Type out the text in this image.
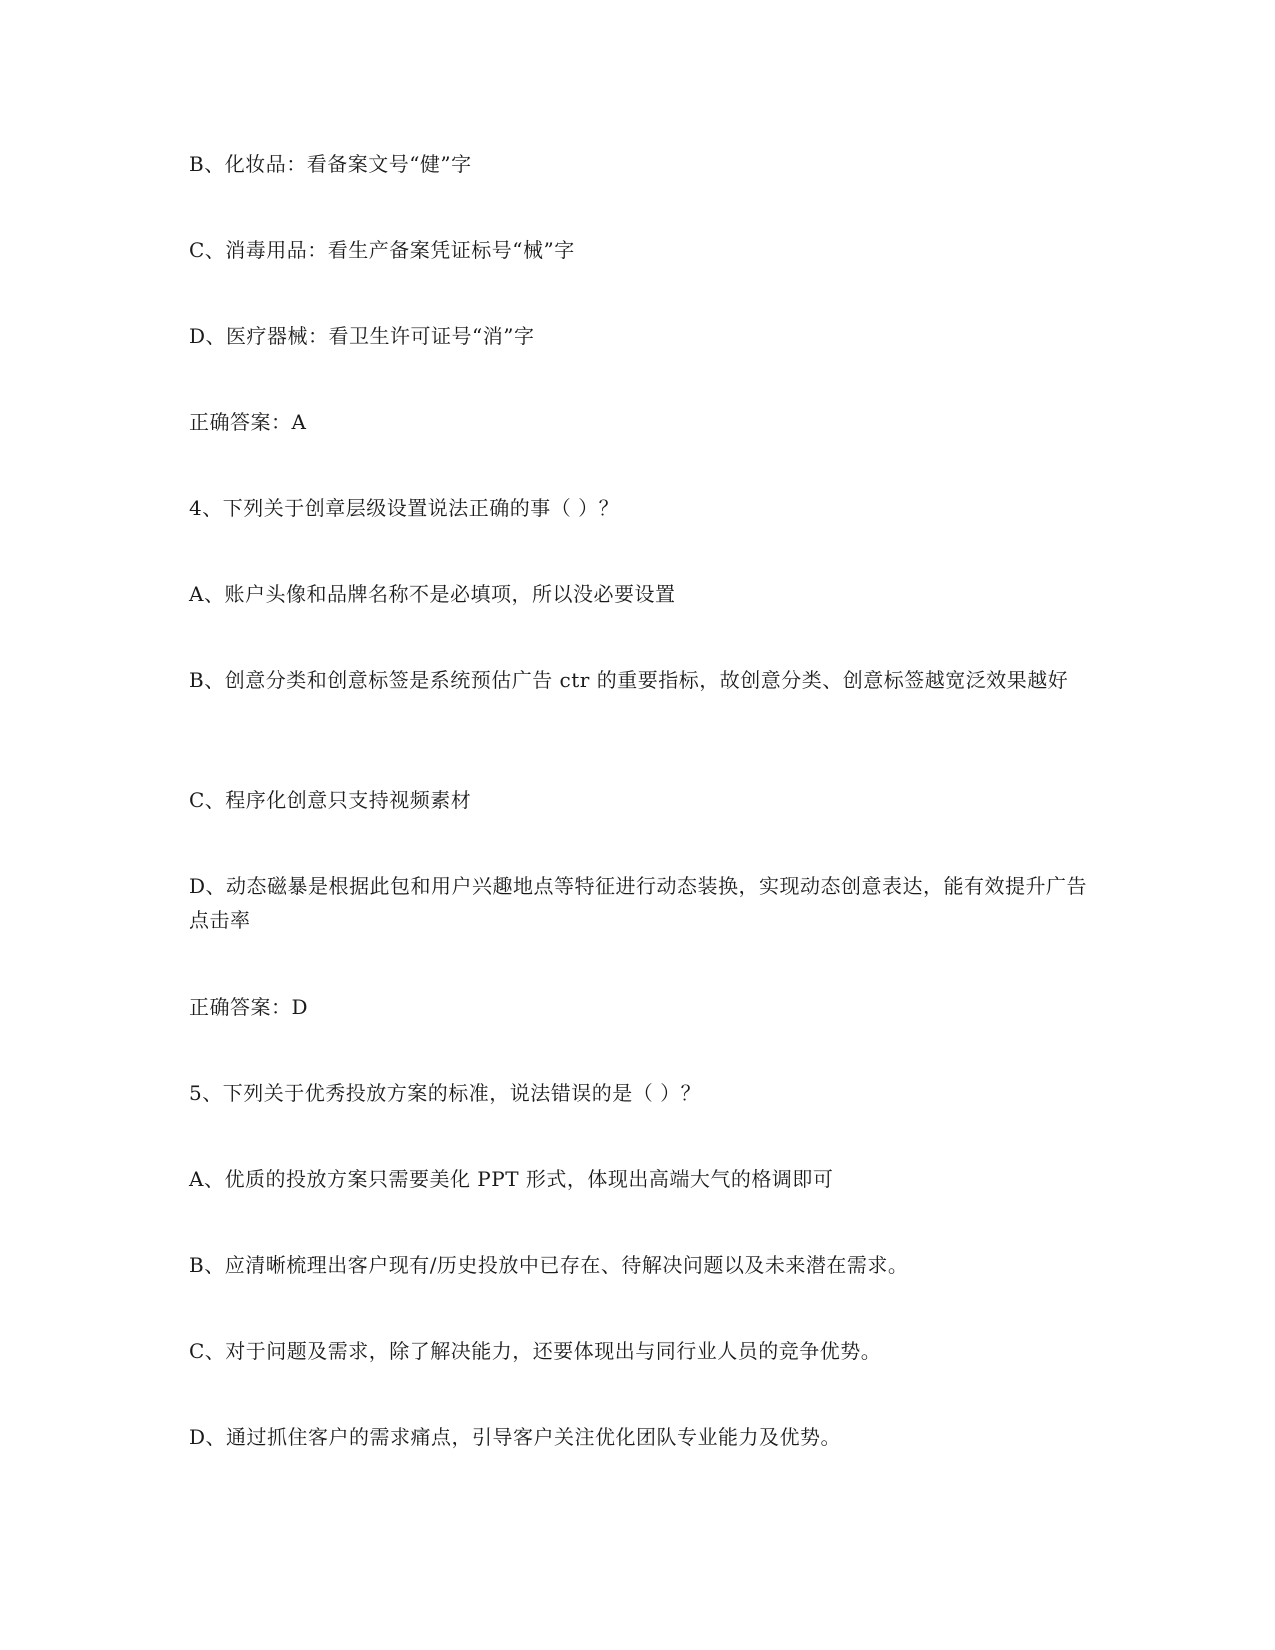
B、化妆品：看备案文号“健”字
C、消毒用品：看生产备案凭证标号“械”字
D、医疗器械：看卫生许可证号“消”字
正确答案：A
4、下列关于创章层级设置说法正确的事（ ）？
A、账户头像和品牌名称不是必填项，所以没必要设置
B、创意分类和创意标签是系统预估广告 ctr 的重要指标，故创意分类、创意标签越宽泛效果越好
C、程序化创意只支持视频素材
D、动态磁暴是根据此包和用户兴趣地点等特征进行动态装换，实现动态创意表达，能有效提升广告点击率
正确答案：D
5、下列关于优秀投放方案的标准，说法错误的是（ ）？
A、优质的投放方案只需要美化 PPT 形式，体现出高端大气的格调即可
B、应清晰梳理出客户现有/历史投放中已存在、待解决问题以及未来潜在需求。
C、对于问题及需求，除了解决能力，还要体现出与同行业人员的竞争优势。
D、通过抓住客户的需求痛点，引导客户关注优化团队专业能力及优势。
